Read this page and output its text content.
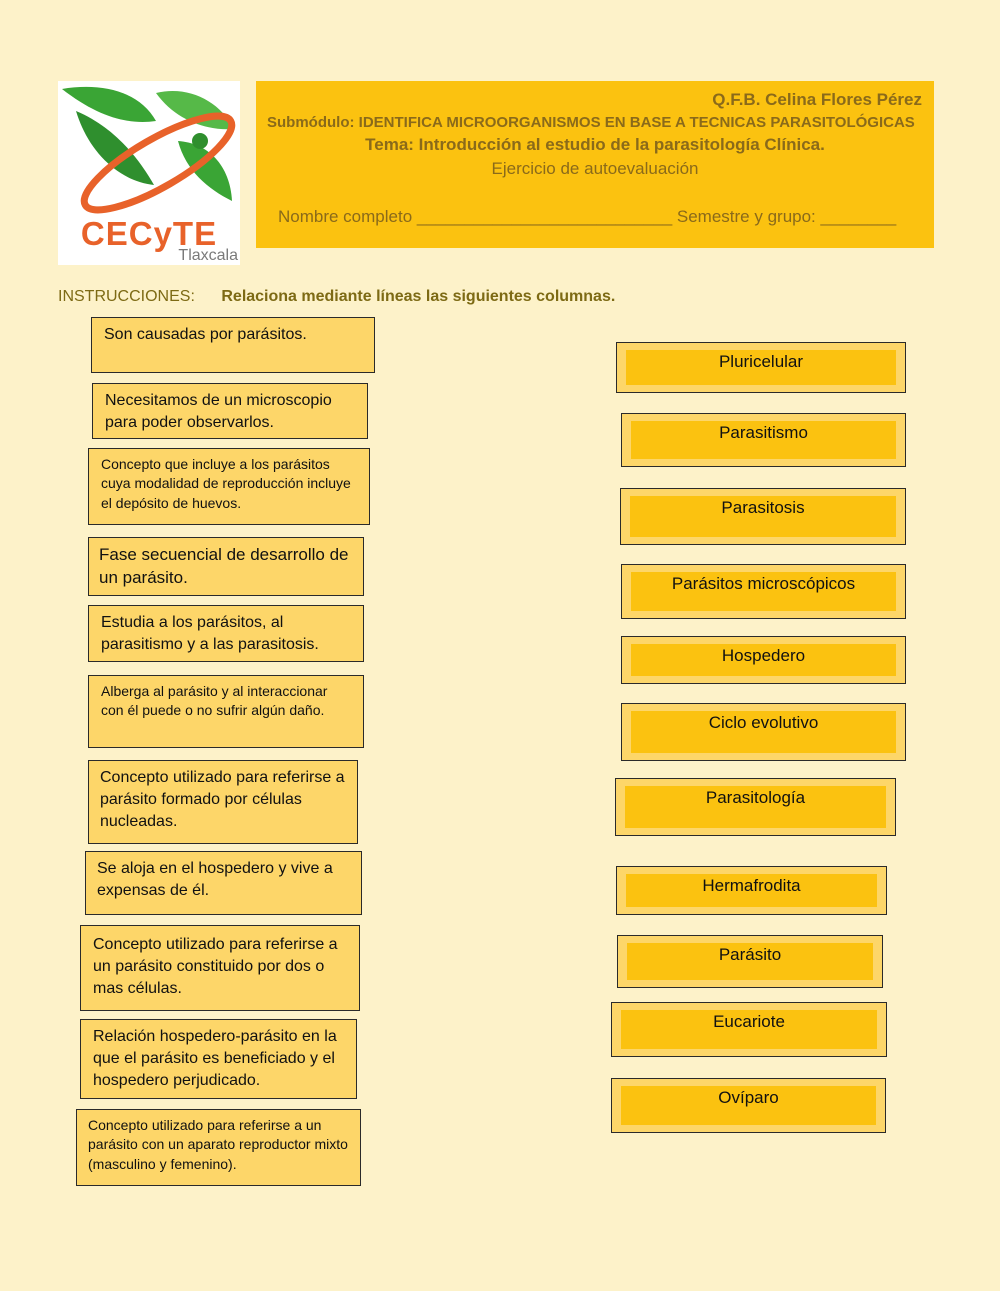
CECyTE
Tlaxcala
Q.F.B. Celina Flores Pérez
Submódulo: IDENTIFICA MICROORGANISMOS EN BASE A TECNICAS PARASITOLÓGICAS
Tema: Introducción al estudio de la parasitología Clínica.
Ejercicio de autoevaluación
Nombre completo ___________________________ Semestre y grupo: ________
INSTRUCCIONES: Relaciona mediante líneas las siguientes columnas.
Son causadas por parásitos.
Necesitamos de un microscopio para poder observarlos.
Concepto que incluye a los parásitos cuya modalidad de reproducción incluye el depósito de huevos.
Fase secuencial de desarrollo de un parásito.
Estudia a los parásitos, al parasitismo y a las parasitosis.
Alberga al parásito y al interaccionar con él puede o no sufrir algún daño.
Concepto utilizado para referirse a parásito formado por células nucleadas.
Se aloja en el hospedero y vive a expensas de él.
Concepto utilizado para referirse a un parásito constituido por dos o mas células.
Relación hospedero-parásito en la que el parásito es beneficiado y el hospedero perjudicado.
Concepto utilizado para referirse a un parásito con un aparato reproductor mixto (masculino y femenino).
Pluricelular
Parasitismo
Parasitosis
Parásitos microscópicos
Hospedero
Ciclo evolutivo
Parasitología
Hermafrodita
Parásito
Eucariote
Ovíparo
